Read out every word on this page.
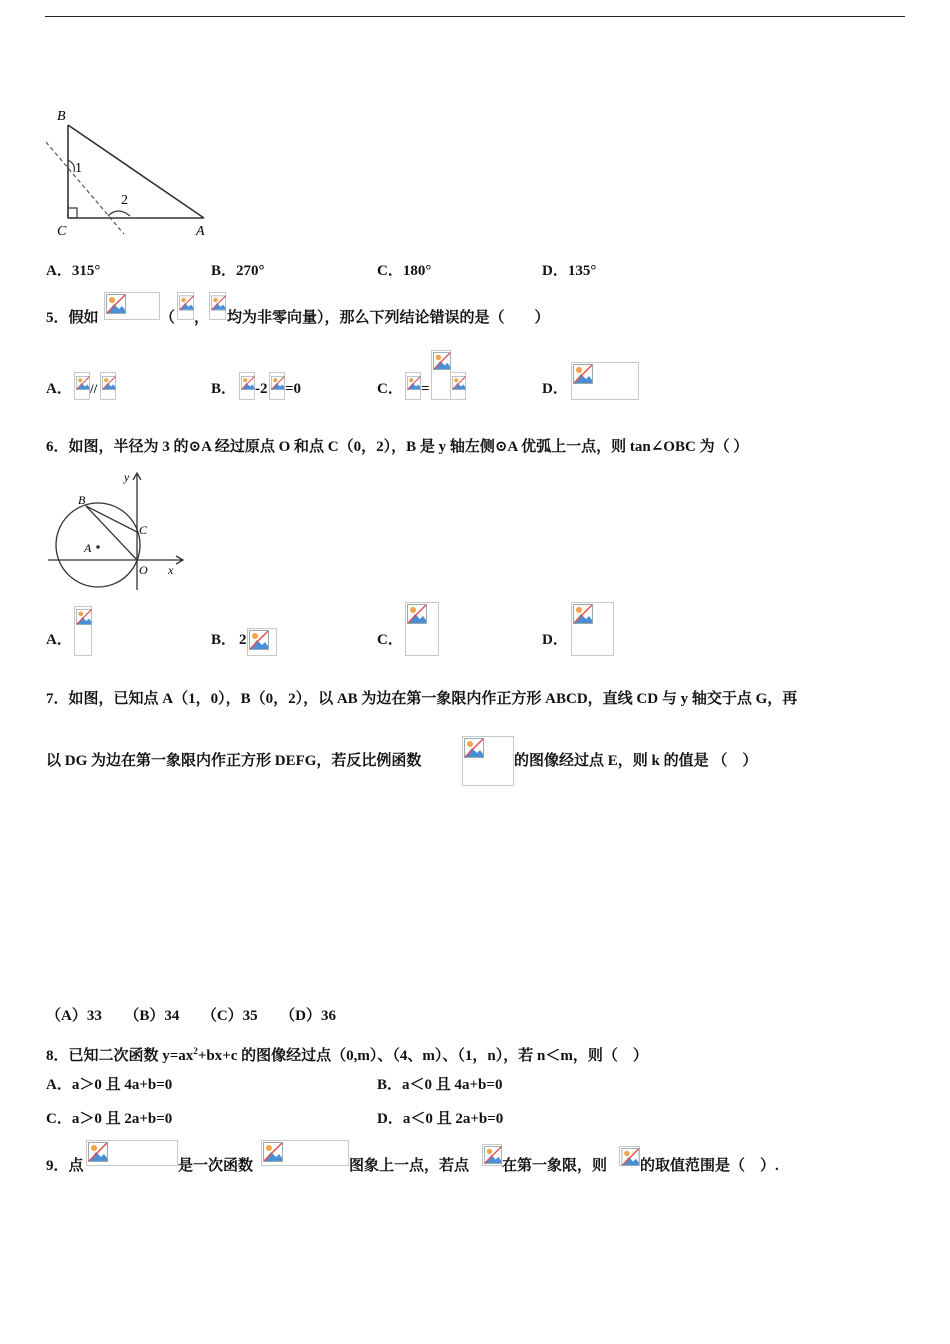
B
C	A
1
2
A．315°	B．270°	C．180°	D．135°
5．假如	（ ， 均为非零向量），那么下列结论错误的是（　　）
A． //	B． -2 =0	C． =	D．
6．如图，半径为 3 的⊙A 经过原点 O 和点 C（0，2），B 是 y 轴左侧⊙A 优弧上一点，则 tan∠OBC 为（ ）
y
B
C
A
O x
A．	B． 2	C．	D．
7．如图，已知点 A（1，0），B（0，2），以 AB 为边在第一象限内作正方形 ABCD，直线 CD 与 y 轴交于点 G，再
以 DG 为边在第一象限内作正方形 DEFG，若反比例函数	的图像经过点 E，则 k 的值是 （　）
（A）33　　（B）34　　（C）35　　（D）36
8．已知二次函数 $y=ax^2+bx+c$ 的图像经过点（0,m）、（4、m）、（1，n），若 n＜m，则（　）
A．a＞0 且 4a+b=0	B．a＜0 且 4a+b=0
C．a＞0 且 2a+b=0	D．a＜0 且 2a+b=0
9．点	是一次函数	图象上一点，若点 在第一象限，则 的取值范围是（　）.
